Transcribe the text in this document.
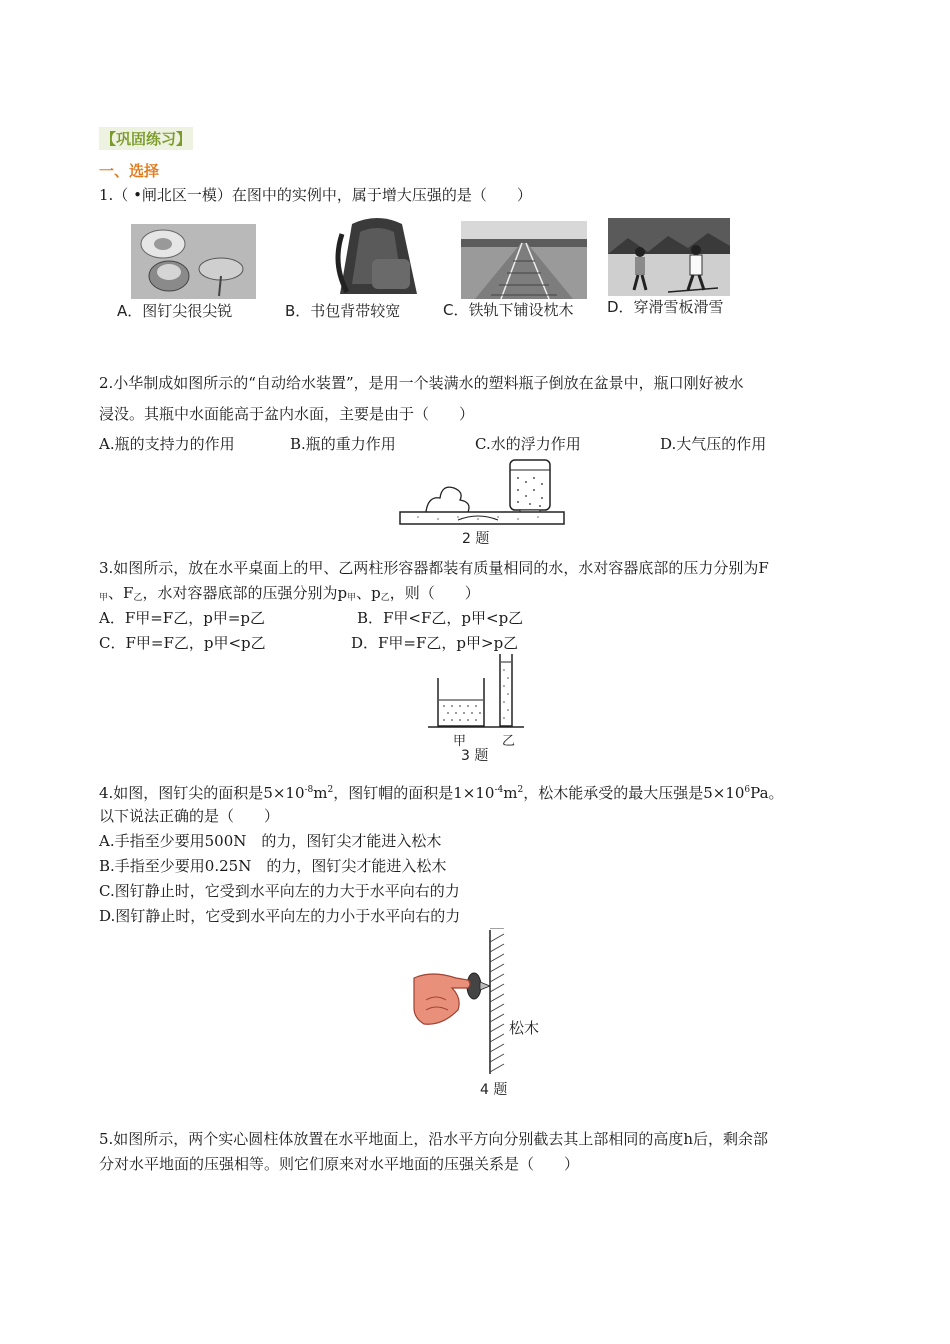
【巩固练习】
一、选择
1.（ •闸北区一模）在图中的实例中，属于增大压强的是（　　）
A．图钉尖很尖锐	B．书包背带较宽	C．铁轨下铺设枕木 D．穿滑雪板滑雪
2.小华制成如图所示的“自动给水装置”，是用一个装满水的塑料瓶子倒放在盆景中，瓶口刚好被水
浸没。其瓶中水面能高于盆内水面，主要是由于（　　）
A.瓶的支持力的作用	B.瓶的重力作用	C.水的浮力作用	D.大气压的作用
2 题
3.如图所示，放在水平桌面上的甲、乙两柱形容器都装有质量相同的水，水对容器底部的压力分别为F
$_甲$、$F_乙$，水对容器底部的压强分别为$p_甲$、$p_乙$，则（　　）
A．F甲=F乙，p甲=p乙	B．F甲<F乙，p甲<p乙
C．F甲=F乙，p甲<p乙	D．F甲=F乙，p甲>p乙
甲	乙
3 题
4.如图，图钉尖的面积是$5\times 10^{-8}m^2$，图钉帽的面积是$1\times 10^{-4}m^2$，松木能承受的最大压强是$5\times 10^6Pa$。
以下说法正确的是（　　）
A.手指至少要用500N　的力，图钉尖才能进入松木
B.手指至少要用0.25N　的力，图钉尖才能进入松木
C.图钉静止时，它受到水平向左的力大于水平向右的力
D.图钉静止时，它受到水平向左的力小于水平向右的力
松木
4 题
5.如图所示，两个实心圆柱体放置在水平地面上，沿水平方向分别截去其上部相同的高度h后，剩余部
分对水平地面的压强相等。则它们原来对水平地面的压强关系是（　　）
